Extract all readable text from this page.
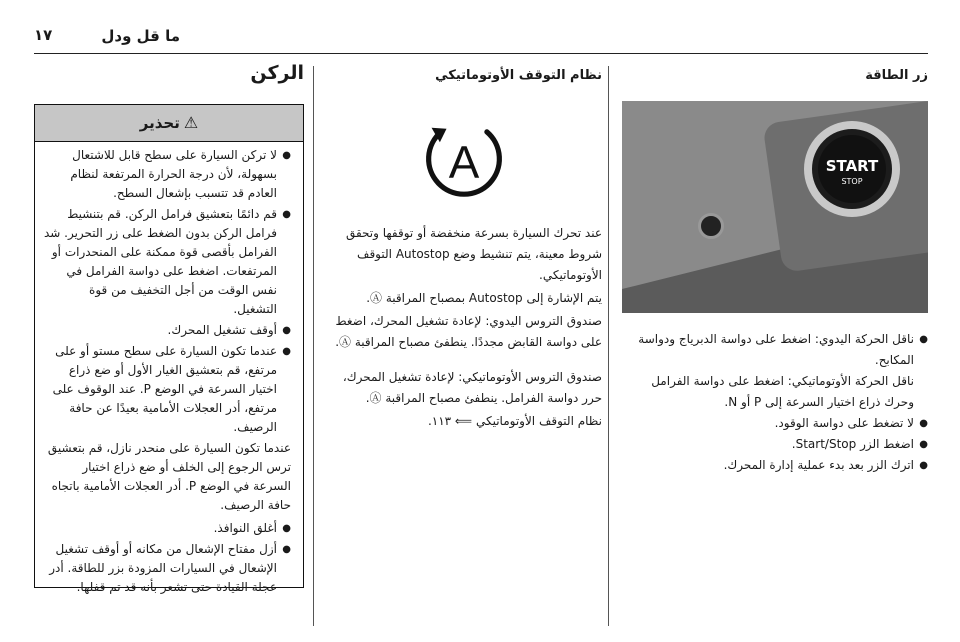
١٧	ما قل ودل
زر الطاقة
START
STOP
● ناقل الحركة اليدوي: اضغط على دواسة الدبرياج ودواسة المكابح.

ناقل الحركة الأوتوماتيكي: اضغط على دواسة الفرامل وحرك ذراع اختيار السرعة إلى P أو N.

● لا تضغط على دواسة الوقود.
● اضغط الزر Start/Stop.
● اترك الزر بعد بدء عملية إدارة المحرك.
نظام التوقف الأوتوماتيكي
A

عند تحرك السيارة بسرعة منخفضة أو توقفها وتحقق شروط معينة، يتم تنشيط وضع Autostop التوقف الأوتوماتيكي.

يتم الإشارة إلى Autostop بمصباح المراقبة Ⓐ.

صندوق التروس اليدوي: لإعادة تشغيل المحرك، اضغط على دواسة القابض مجددًا. ينطفئ مصباح المراقبة Ⓐ.

صندوق التروس الأوتوماتيكي: لإعادة تشغيل المحرك، حرر دواسة الفرامل. ينطفئ مصباح المراقبة Ⓐ.

نظام التوقف الأوتوماتيكي ⟸ ١١٣.

الركن
⚠
تحذير
● لا تركن السيارة على سطح قابل للاشتعال بسهولة، لأن درجة الحرارة المرتفعة لنظام العادم قد تتسبب بإشعال السطح.
● قم دائمًا بتعشيق فرامل الركن. قم بتنشيط فرامل الركن بدون الضغط على زر التحرير. شد الفرامل بأقصى قوة ممكنة على المنحدرات أو المرتفعات. اضغط على دواسة الفرامل في نفس الوقت من أجل التخفيف من قوة التشغيل.
● أوقف تشغيل المحرك.
● عندما تكون السيارة على سطح مستو أو على مرتفع، قم بتعشيق الغيار الأول أو ضع ذراع اختيار السرعة في الوضع P. عند الوقوف على مرتفع، أدر العجلات الأمامية بعيدًا عن حافة الرصيف.

عندما تكون السيارة على منحدر نازل، قم بتعشيق ترس الرجوع إلى الخلف أو ضع ذراع اختيار السرعة في الوضع P. أدر العجلات الأمامية باتجاه حافة الرصيف.

● أغلق النوافذ.
● أزل مفتاح الإشعال من مكانه أو أوقف تشغيل الإشعال في السيارات المزودة بزر للطاقة. أدر عجلة القيادة حتى تشعر بأنه قد تم قفلها.
